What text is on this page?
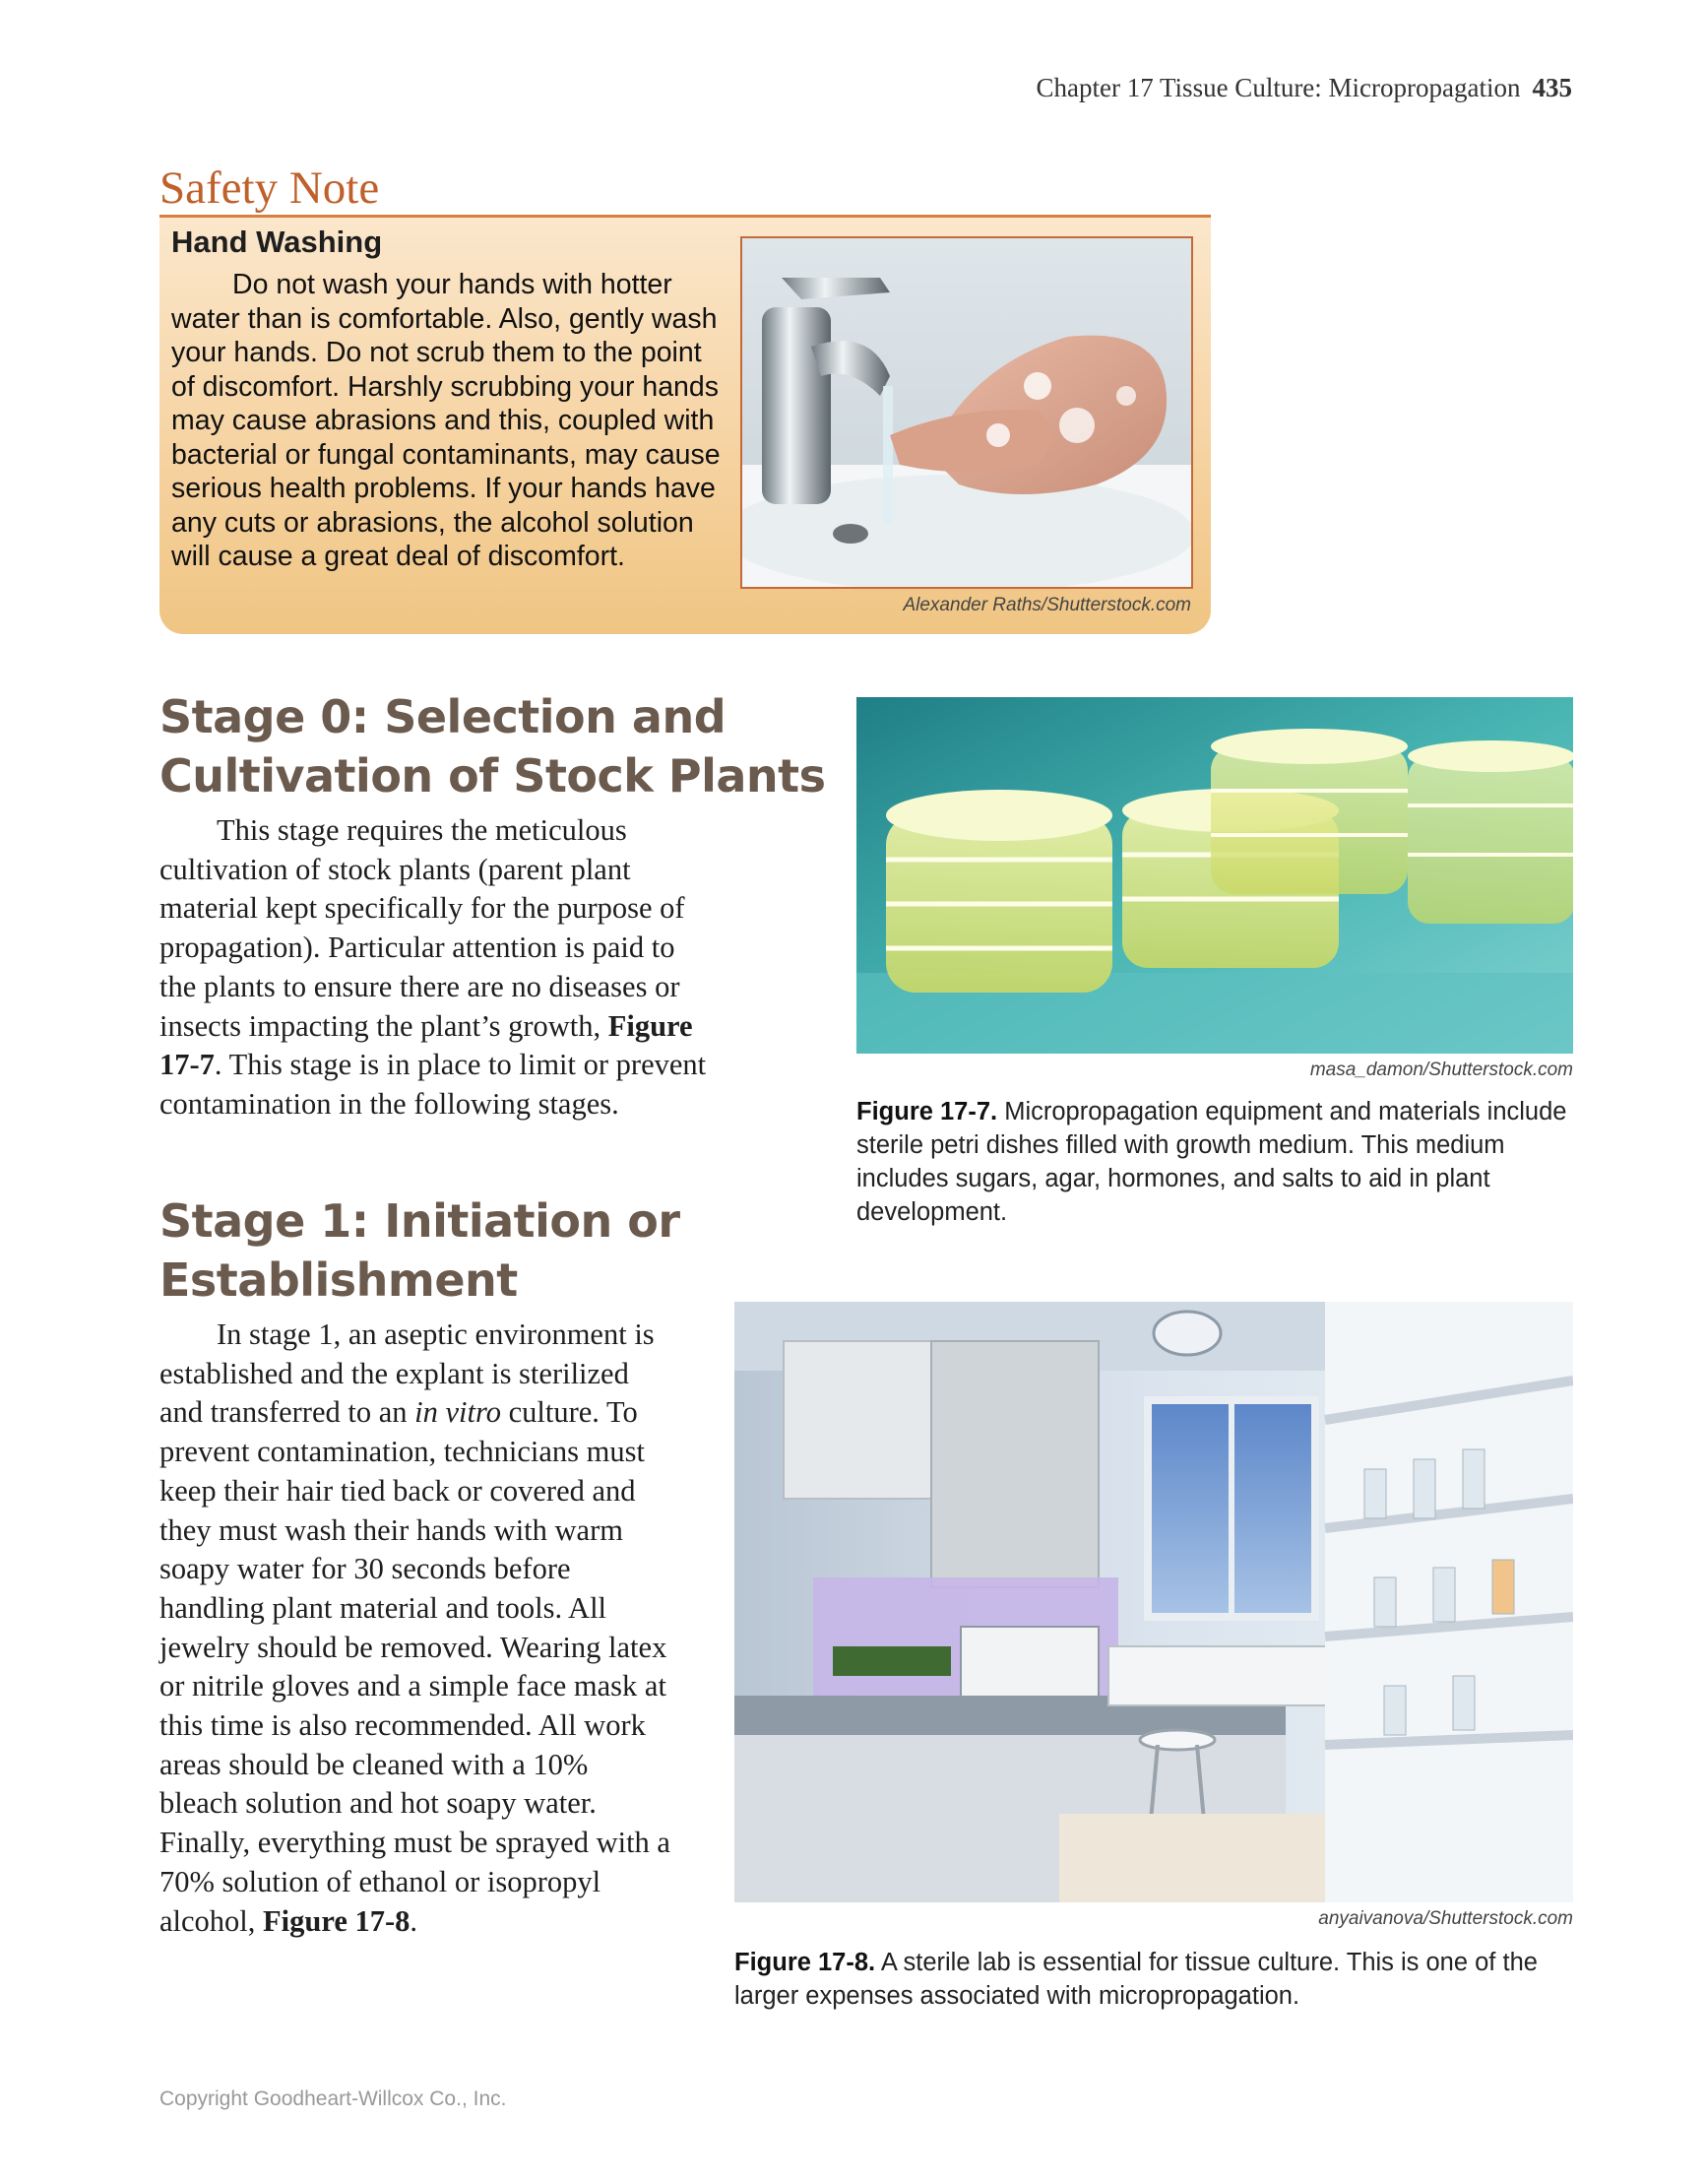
Chapter 17 Tissue Culture: Micropropagation 435
Safety Note
Hand Washing

Do not wash your hands with hotter water than is comfortable. Also, gently wash your hands. Do not scrub them to the point of discomfort. Harshly scrubbing your hands may cause abrasions and this, coupled with bacterial or fungal contaminants, may cause serious health problems. If your hands have any cuts or abrasions, the alcohol solution will cause a great deal of discomfort.

Alexander Raths/Shutterstock.com
Stage 0: Selection and
Cultivation of Stock Plants

This stage requires the meticulous cultivation of stock plants (parent plant material kept specifically for the purpose of propagation). Particular attention is paid to the plants to ensure there are no diseases or insects impacting the plant’s growth, Figure 17-7. This stage is in place to limit or prevent contamination in the following stages.

Stage 1: Initiation or
Establishment

In stage 1, an aseptic environment is established and the explant is sterilized and transferred to an in vitro culture. To prevent contamination, technicians must keep their hair tied back or covered and they must wash their hands with warm soapy water for 30 seconds before handling plant material and tools. All jewelry should be removed. Wearing latex or nitrile gloves and a simple face mask at this time is also recommended. All work areas should be cleaned with a 10% bleach solution and hot soapy water. Finally, everything must be sprayed with a 70% solution of ethanol or isopropyl alcohol, Figure 17-8.

masa_damon/Shutterstock.com
Figure 17-7. Micropropagation equipment and materials include sterile petri dishes filled with growth medium. This medium includes sugars, agar, hormones, and salts to aid in plant development.
anyaivanova/Shutterstock.com
Figure 17-8. A sterile lab is essential for tissue culture. This is one of the larger expenses associated with micropropagation.
Copyright Goodheart-Willcox Co., Inc.
